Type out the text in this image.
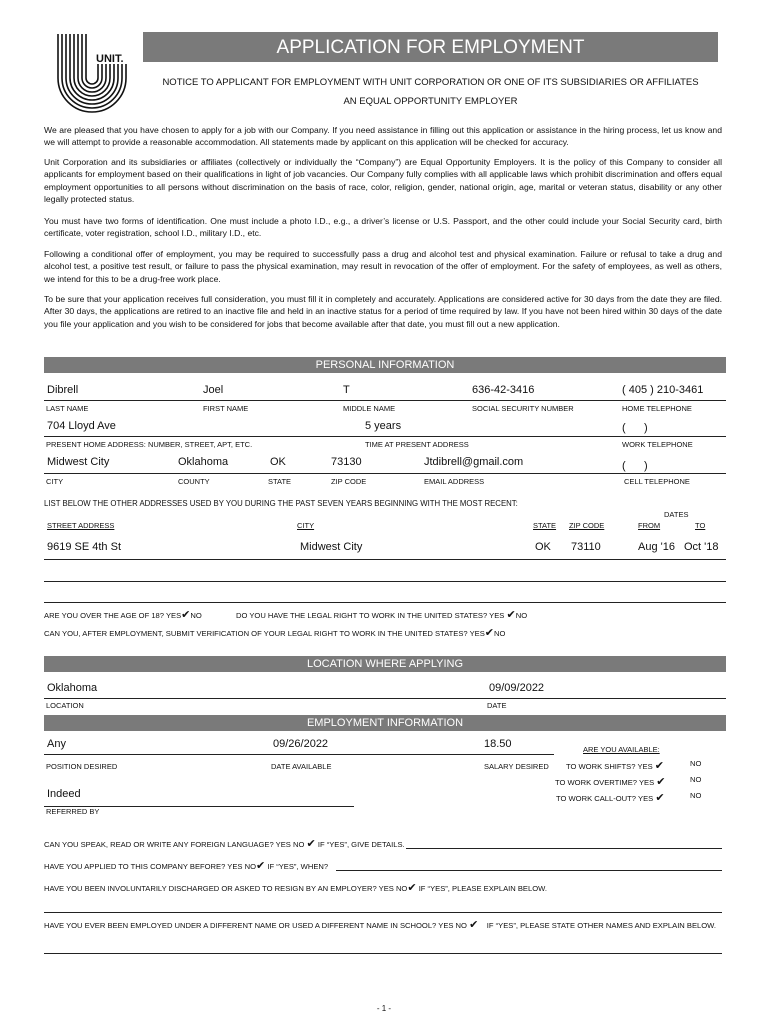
UNIT.
APPLICATION FOR EMPLOYMENT
NOTICE TO APPLICANT FOR EMPLOYMENT WITH UNIT CORPORATION OR ONE OF ITS SUBSIDIARIES OR AFFILIATES
AN EQUAL OPPORTUNITY EMPLOYER

We are pleased that you have chosen to apply for a job with our Company. If you need assistance in filling out this application or assistance in the hiring process, let us know and we will attempt to provide a reasonable accommodation. All statements made by applicant on this application will be checked for accuracy.

Unit Corporation and its subsidiaries or affiliates (collectively or individually the “Company”) are Equal Opportunity Employers. It is the policy of this Company to consider all applicants for employment based on their qualifications in light of job vacancies. Our Company fully complies with all applicable laws which prohibit discrimination and offers equal employment opportunities to all persons without discrimination on the basis of race, color, religion, gender, national origin, age, marital or veteran status, disability or any other legally protected status.

You must have two forms of identification. One must include a photo I.D., e.g., a driver’s license or U.S. Passport, and the other could include your Social Security card, birth certificate, voter registration, school I.D., military I.D., etc.

Following a conditional offer of employment, you may be required to successfully pass a drug and alcohol test and physical examination. Failure or refusal to take a drug and alcohol test, a positive test result, or failure to pass the physical examination, may result in revocation of the offer of employment. For the safety of employees, as well as others, we intend for this to be a drug-free work place.

To be sure that your application receives full consideration, you must fill it in completely and accurately. Applications are considered active for 30 days from the date they are filed. After 30 days, the applications are retired to an inactive file and held in an inactive status for a period of time required by law. If you have not been hired within 30 days of the date you file your application and you wish to be considered for jobs that become available after that date, you must fill out a new application.

PERSONAL INFORMATION
Dibrell	Joel	T	636-42-3416	( 405 ) 210-3461
LAST NAME	FIRST NAME	MIDDLE NAME	SOCIAL SECURITY NUMBER	HOME TELEPHONE
704 Lloyd Ave	5 years	(      )
PRESENT HOME ADDRESS: NUMBER, STREET, APT, ETC.	TIME AT PRESENT ADDRESS	WORK TELEPHONE
Midwest City	Oklahoma	OK	73130	Jtdibrell@gmail.com	(      )
CITY	COUNTY	STATE	ZIP CODE	EMAIL ADDRESS	CELL TELEPHONE
LIST BELOW THE OTHER ADDRESSES USED BY YOU DURING THE PAST SEVEN YEARS BEGINNING WITH THE MOST RECENT:
DATES
STREET ADDRESS	CITY	STATE ZIP CODE	FROM	TO
9619 SE 4th St	Midwest City	OK 73110	Aug '16 Oct '18
ARE YOU OVER THE AGE OF 18? YES✔NO	DO YOU HAVE THE LEGAL RIGHT TO WORK IN THE UNITED STATES? YES ✔NO
CAN YOU, AFTER EMPLOYMENT, SUBMIT VERIFICATION OF YOUR LEGAL RIGHT TO WORK IN THE UNITED STATES? YES✔NO
LOCATION WHERE APPLYING
Oklahoma	09/09/2022
LOCATION	DATE
EMPLOYMENT INFORMATION
Any	09/26/2022	18.50	ARE YOU AVAILABLE:
POSITION DESIRED	DATE AVAILABLE	SALARY DESIRED TO WORK SHIFTS? YES ✔	NO
TO WORK OVERTIME? YES ✔	NO
TO WORK CALL-OUT? YES ✔	NO
Indeed
REFERRED BY
CAN YOU SPEAK, READ OR WRITE ANY FOREIGN LANGUAGE? YES NO ✔ IF “YES”, GIVE DETAILS.
HAVE YOU APPLIED TO THIS COMPANY BEFORE? YES NO✔ IF “YES”, WHEN?
HAVE YOU BEEN INVOLUNTARILY DISCHARGED OR ASKED TO RESIGN BY AN EMPLOYER? YES NO✔ IF “YES”, PLEASE EXPLAIN BELOW.
HAVE YOU EVER BEEN EMPLOYED UNDER A DIFFERENT NAME OR USED A DIFFERENT NAME IN SCHOOL? YES NO ✔ IF “YES”, PLEASE STATE OTHER NAMES AND EXPLAIN BELOW.
- 1 -
